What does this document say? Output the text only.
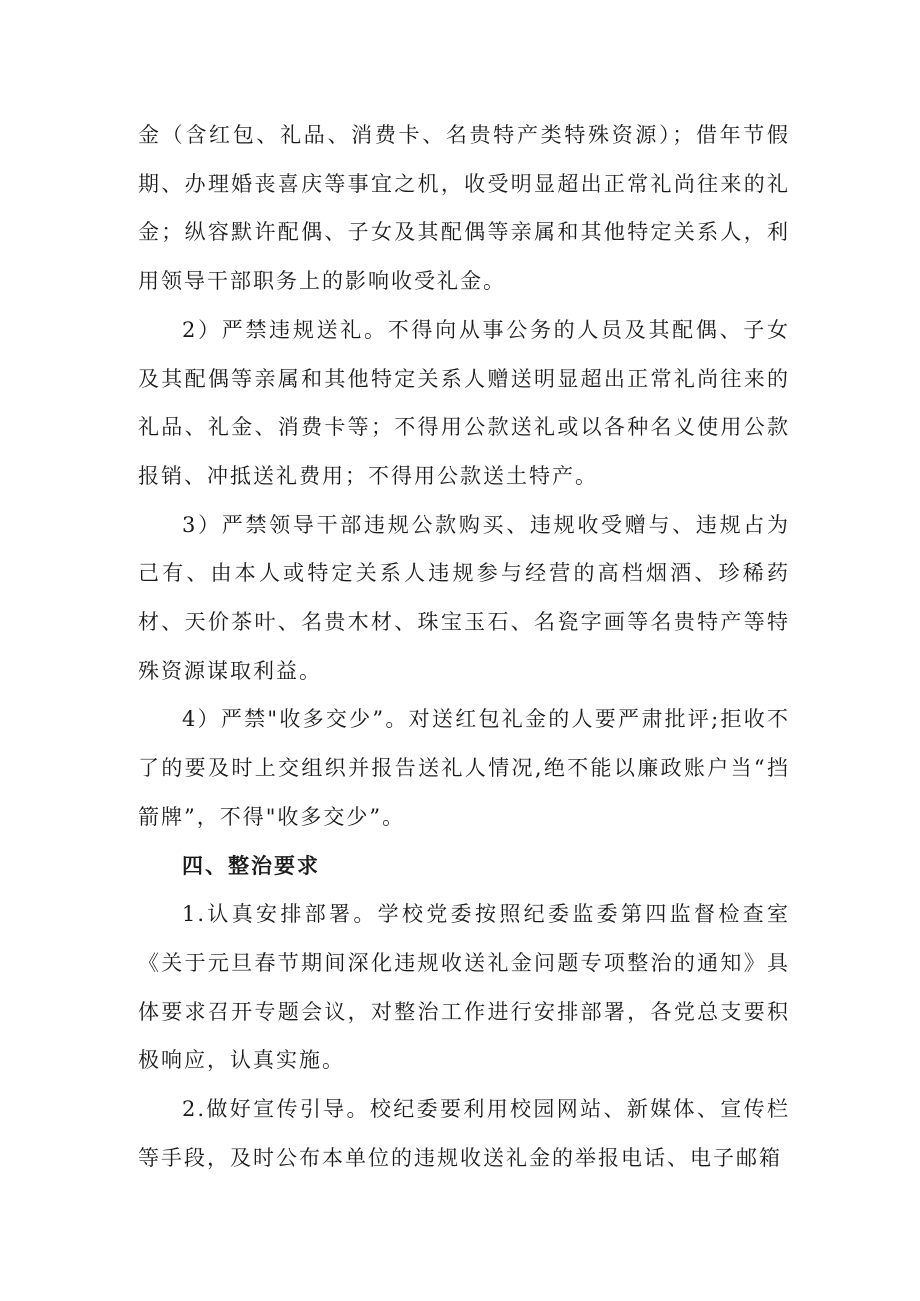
金（含红包、礼品、消费卡、名贵特产类特殊资源）；借年节假期、办理婚丧喜庆等事宜之机，收受明显超出正常礼尚往来的礼金；纵容默许配偶、子女及其配偶等亲属和其他特定关系人，利用领导干部职务上的影响收受礼金。

2）严禁违规送礼。不得向从事公务的人员及其配偶、子女及其配偶等亲属和其他特定关系人赠送明显超出正常礼尚往来的礼品、礼金、消费卡等；不得用公款送礼或以各种名义使用公款报销、冲抵送礼费用；不得用公款送土特产。

3）严禁领导干部违规公款购买、违规收受赠与、违规占为己有、由本人或特定关系人违规参与经营的高档烟酒、珍稀药材、天价茶叶、名贵木材、珠宝玉石、名瓷字画等名贵特产等特殊资源谋取利益。

4）严禁"收多交少”。对送红包礼金的人要严肃批评;拒收不了的要及时上交组织并报告送礼人情况,绝不能以廉政账户当“挡箭牌”，不得"收多交少”。

四、整治要求

1.认真安排部署。学校党委按照纪委监委第四监督检查室《关于元旦春节期间深化违规收送礼金问题专项整治的通知》具体要求召开专题会议，对整治工作进行安排部署，各党总支要积极响应，认真实施。

2.做好宣传引导。校纪委要利用校园网站、新媒体、宣传栏等手段，及时公布本单位的违规收送礼金的举报电话、电子邮箱
